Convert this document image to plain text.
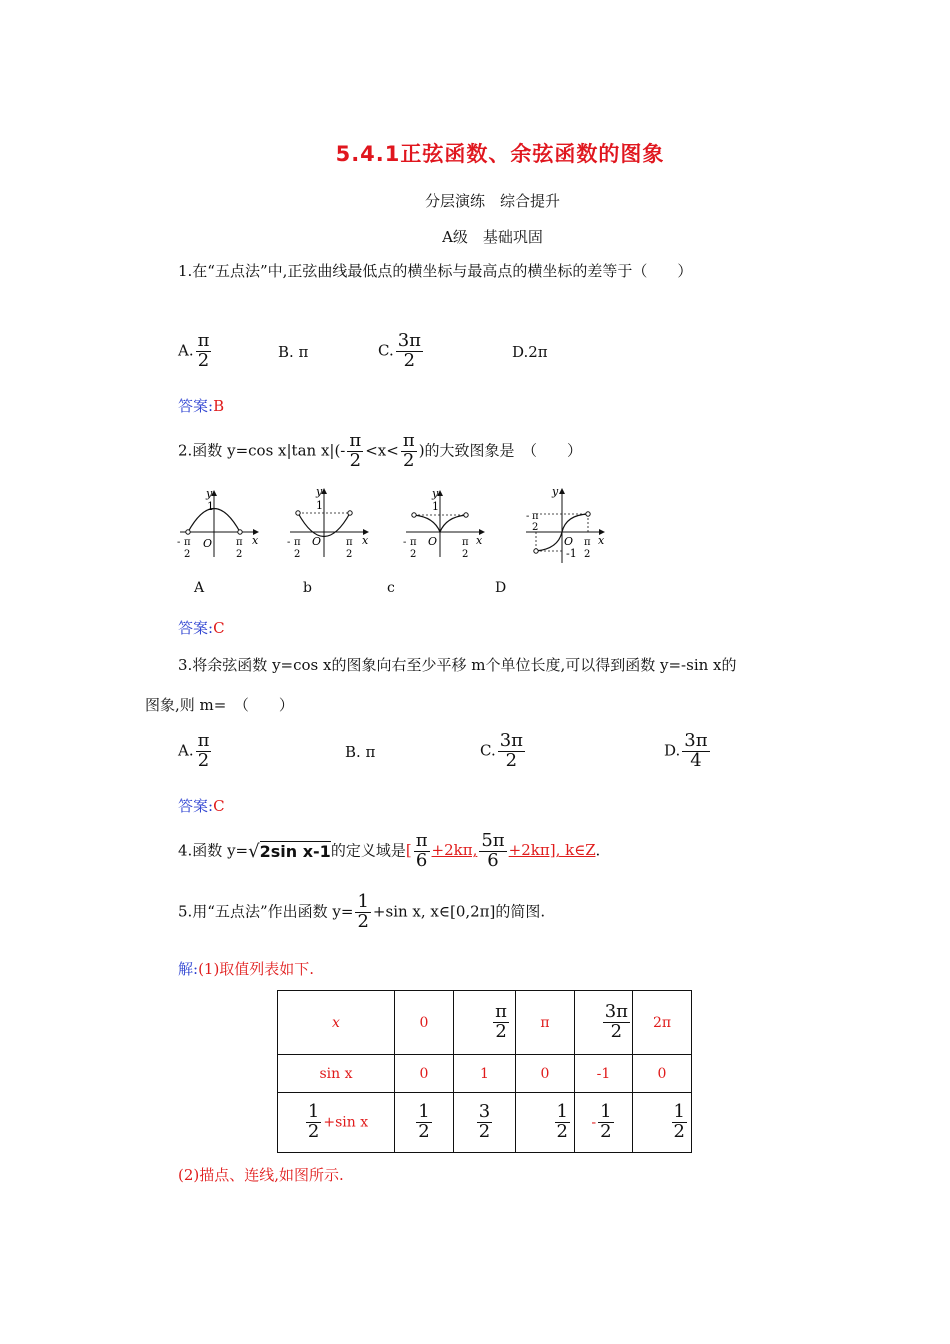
5.4.1正弦函数、余弦函数的图象
分层演练　综合提升
A级　基础巩固
1.在“五点法”中,正弦曲线最低点的横坐标与最高点的横坐标的差等于（　　）
A. $\frac{\pi}{2}$	B. π	C. $\frac{3\pi}{2}$	D.2π
答案:B
2.函数 y=cos x|tan $x|(- \frac{\pi}{2} <x< \frac{\pi}{2}$ )的大致图象是　（　　）
y
1
O	x
- π
2
π
2
y
1
O	x
- π
2
π
2
y
1
O	x
- π
2
π
2
y
- π
2
O
-1
π
2
x
A	b	c	D
答案:C
3.将余弦函数 y=cos x的图象向右至少平移 m个单位长度,可以得到函数 y=-sin x的
图象,则 m=　（　　）
A. $\frac{\pi}{2}$	B. π	C. $\frac{3\pi}{2}$	D. $\frac{3\pi}{4}$
答案:C
4.函数 y=√2sin x-1的定义域是[ $\frac{\pi}{6} +2k\pi$, $\frac{5\pi}{6} +2k\pi$], k∈Z.
5.用“五点法”作出函数 $y= \frac{1}{2} +\sin$ x, x∈[0,2π]的简图.
解:(1)取值列表如下.
x	0	$\frac{\pi}{2}$	π	$\frac{3\pi}{2}$	2π
sin x	0	1	0	-1	0

$\frac{1}{2} +\sin$ x	$\frac{1}{2}$	$\frac{3}{2}$	$\frac{1}{2}$	- $\frac{1}{2}$	$\frac{1}{2}$
(2)描点、连线,如图所示.
